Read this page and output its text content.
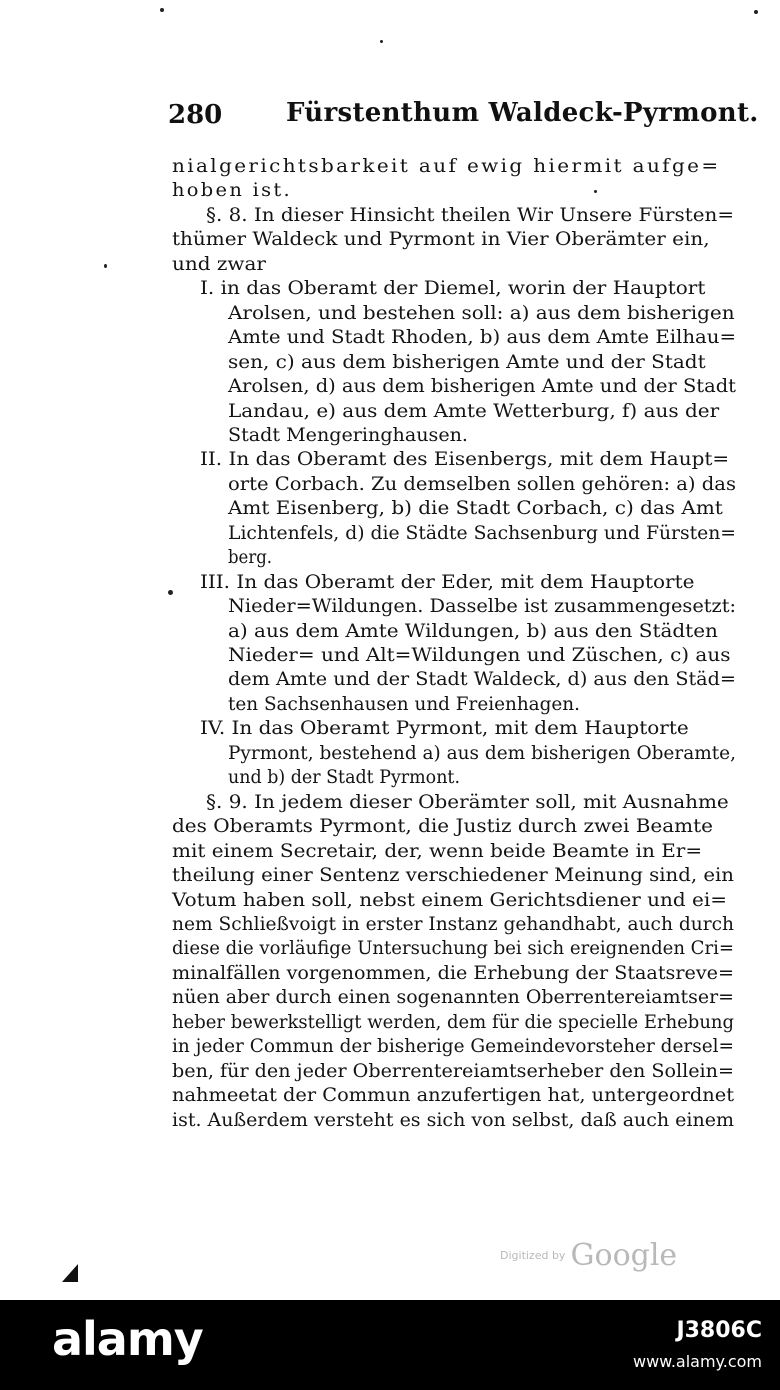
280 Fürstenthum Waldeck-Pyrmont.
nialgerichtsbarkeit auf ewig hiermit aufge=
hoben ist.
§. 8. In dieser Hinsicht theilen Wir Unsere Fürsten=
thümer Waldeck und Pyrmont in Vier Oberämter ein,
und zwar
I. in das Oberamt der Diemel, worin der Hauptort
Arolsen, und bestehen soll: a) aus dem bisherigen
Amte und Stadt Rhoden, b) aus dem Amte Eilhau=
sen, c) aus dem bisherigen Amte und der Stadt
Arolsen, d) aus dem bisherigen Amte und der Stadt
Landau, e) aus dem Amte Wetterburg, f) aus der
Stadt Mengeringhausen.
II. In das Oberamt des Eisenbergs, mit dem Haupt=
orte Corbach. Zu demselben sollen gehören: a) das
Amt Eisenberg, b) die Stadt Corbach, c) das Amt
Lichtenfels, d) die Städte Sachsenburg und Fürsten=
berg.
III. In das Oberamt der Eder, mit dem Hauptorte
Nieder=Wildungen. Dasselbe ist zusammengesetzt:
a) aus dem Amte Wildungen, b) aus den Städten
Nieder= und Alt=Wildungen und Züschen, c) aus
dem Amte und der Stadt Waldeck, d) aus den Städ=
ten Sachsenhausen und Freienhagen.
IV. In das Oberamt Pyrmont, mit dem Hauptorte
Pyrmont, bestehend a) aus dem bisherigen Oberamte,
und b) der Stadt Pyrmont.
§. 9. In jedem dieser Oberämter soll, mit Ausnahme
des Oberamts Pyrmont, die Justiz durch zwei Beamte
mit einem Secretair, der, wenn beide Beamte in Er=
theilung einer Sentenz verschiedener Meinung sind, ein
Votum haben soll, nebst einem Gerichtsdiener und ei=
nem Schließvoigt in erster Instanz gehandhabt, auch durch
diese die vorläufige Untersuchung bei sich ereignenden Cri=
minalfällen vorgenommen, die Erhebung der Staatsreve=
nüen aber durch einen sogenannten Oberrentereiamtser=
heber bewerkstelligt werden, dem für die specielle Erhebung
in jeder Commun der bisherige Gemeindevorsteher dersel=
ben, für den jeder Oberrentereiamtserheber den Sollein=
nahmeetat der Commun anzufertigen hat, untergeordnet
ist. Außerdem versteht es sich von selbst, daß auch einem
Digitized by Google
alamy	J3806C
www.alamy.com
